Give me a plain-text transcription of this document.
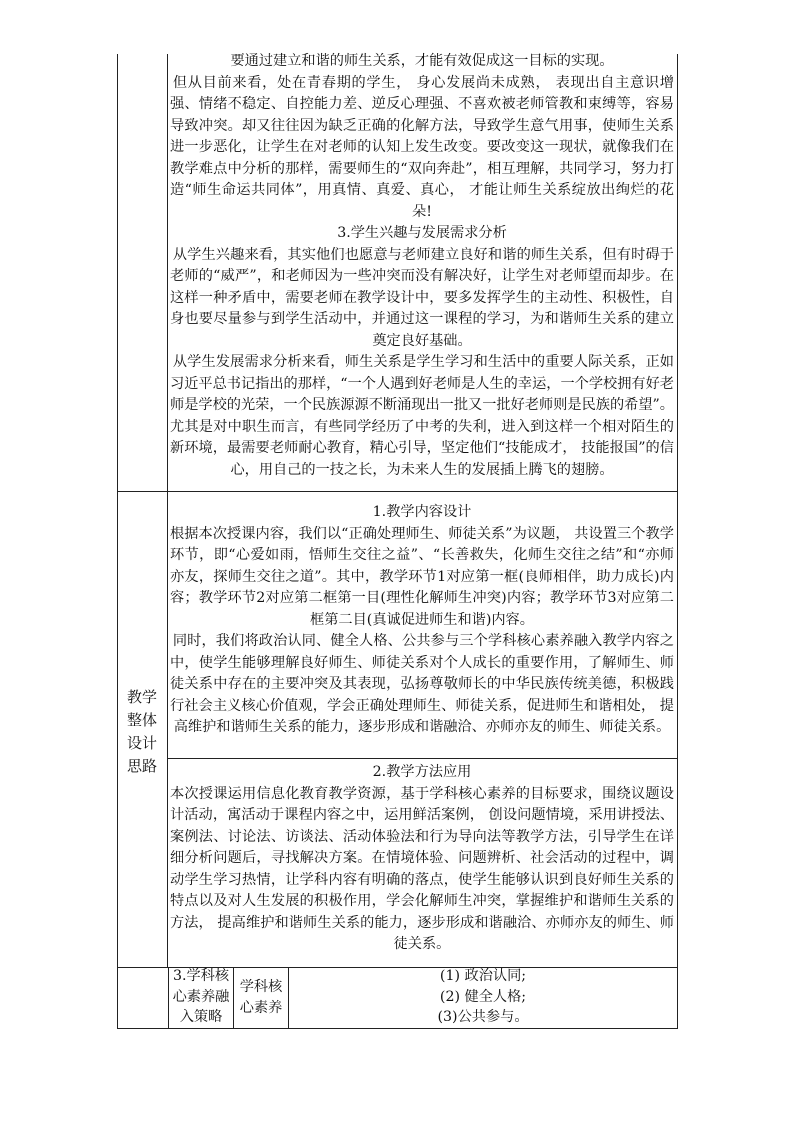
要通过建立和谐的师生关系，才能有效促成这一目标的实现。

但从目前来看，处在青春期的学生， 身心发展尚未成熟， 表现出自主意识增强、情绪不稳定、自控能力差、逆反心理强、不喜欢被老师管教和束缚等，容易导致冲突。却又往往因为缺乏正确的化解方法，导致学生意气用事，使师生关系进一步恶化，让学生在对老师的认知上发生改变。要改变这一现状，就像我们在教学难点中分析的那样，需要师生的“双向奔赴”，相互理解，共同学习，努力打造“师生命运共同体”，用真情、真爱、真心， 才能让师生关系绽放出绚烂的花朵!

3.学生兴趣与发展需求分析

从学生兴趣来看，其实他们也愿意与老师建立良好和谐的师生关系，但有时碍于老师的“威严”，和老师因为一些冲突而没有解决好，让学生对老师望而却步。在这样一种矛盾中，需要老师在教学设计中，要多发挥学生的主动性、积极性，自身也要尽量参与到学生活动中，并通过这一课程的学习，为和谐师生关系的建立奠定良好基础。

从学生发展需求分析来看，师生关系是学生学习和生活中的重要人际关系，正如习近平总书记指出的那样，“一个人遇到好老师是人生的幸运，一个学校拥有好老师是学校的光荣，一个民族源源不断涌现出一批又一批好老师则是民族的希望”。尤其是对中职生而言，有些同学经历了中考的失利，进入到这样一个相对陌生的新环境，最需要老师耐心教育，精心引导，坚定他们“技能成才， 技能报国”的信心，用自己的一技之长，为未来人生的发展插上腾飞的翅膀。

教学整体设计思路

1.教学内容设计

根据本次授课内容，我们以“正确处理师生、师徒关系”为议题， 共设置三个教学环节，即“心爱如雨，悟师生交往之益”、“长善救失，化师生交往之结”和“亦师亦友，探师生交往之道”。其中，教学环节1对应第一框(良师相伴，助力成长)内容；教学环节2对应第二框第一目(理性化解师生冲突)内容；教学环节3对应第二框第二目(真诚促进师生和谐)内容。

同时，我们将政治认同、健全人格、公共参与三个学科核心素养融入教学内容之中，使学生能够理解良好师生、师徒关系对个人成长的重要作用，了解师生、师徒关系中存在的主要冲突及其表现，弘扬尊敬师长的中华民族传统美德，积极践行社会主义核心价值观，学会正确处理师生、师徒关系，促进师生和谐相处， 提高维护和谐师生关系的能力，逐步形成和谐融洽、亦师亦友的师生、师徒关系。

2.教学方法应用

本次授课运用信息化教育教学资源，基于学科核心素养的目标要求，围绕议题设计活动，寓活动于课程内容之中，运用鲜活案例， 创设问题情境，采用讲授法、案例法、讨论法、访谈法、活动体验法和行为导向法等教学方法，引导学生在详细分析问题后，寻找解决方案。在情境体验、问题辨析、社会活动的过程中，调动学生学习热情，让学科内容有明确的落点，使学生能够认识到良好师生关系的特点以及对人生发展的积极作用，学会化解师生冲突，掌握维护和谐师生关系的方法， 提高维护和谐师生关系的能力，逐步形成和谐融洽、亦师亦友的师生、师徒关系。

3.学科核心素养融入策略
学科核心素养
(1) 政治认同;
(2) 健全人格;
(3)公共参与。
